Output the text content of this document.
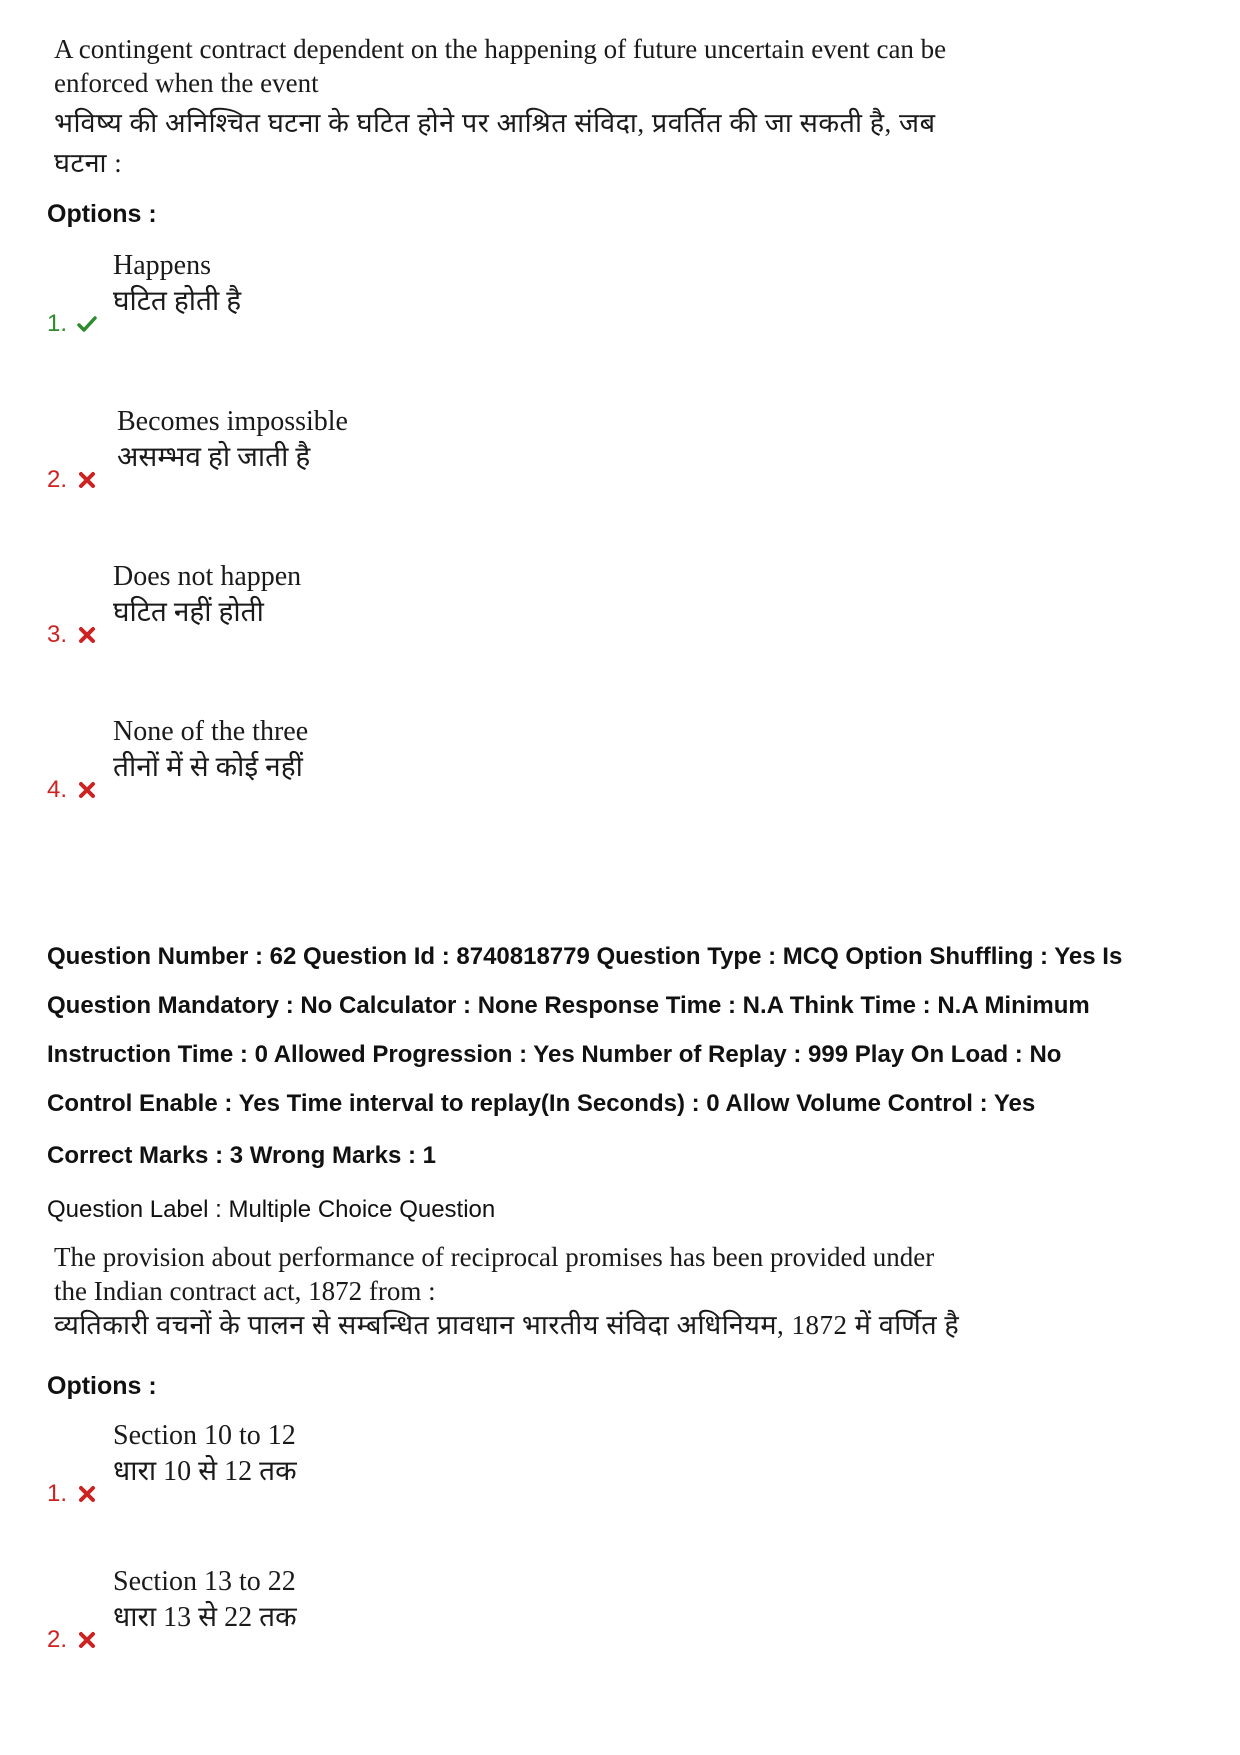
A contingent contract dependent on the happening of future uncertain event can be
enforced when the event
भविष्य की अनिश्चित घटना के घटित होने पर आश्रित संविदा, प्रवर्तित की जा सकती है, जब
घटना :
Options :
Happens
घटित होती है
1.
Becomes impossible
असम्भव हो जाती है
2.
Does not happen
घटित नहीं होती
3.
None of the three
तीनों में से कोई नहीं
4.
Question Number : 62 Question Id : 8740818779 Question Type : MCQ Option Shuffling : Yes Is
Question Mandatory : No Calculator : None Response Time : N.A Think Time : N.A Minimum
Instruction Time : 0 Allowed Progression : Yes Number of Replay : 999 Play On Load : No
Control Enable : Yes Time interval to replay(In Seconds) : 0 Allow Volume Control : Yes
Correct Marks : 3 Wrong Marks : 1
Question Label : Multiple Choice Question
The provision about performance of reciprocal promises has been provided under
the Indian contract act, 1872 from :
व्यतिकारी वचनों के पालन से सम्बन्धित प्रावधान भारतीय संविदा अधिनियम, 1872 में वर्णित है
Options :
Section 10 to 12
धारा 10 से 12 तक
1.
Section 13 to 22
धारा 13 से 22 तक
2.
